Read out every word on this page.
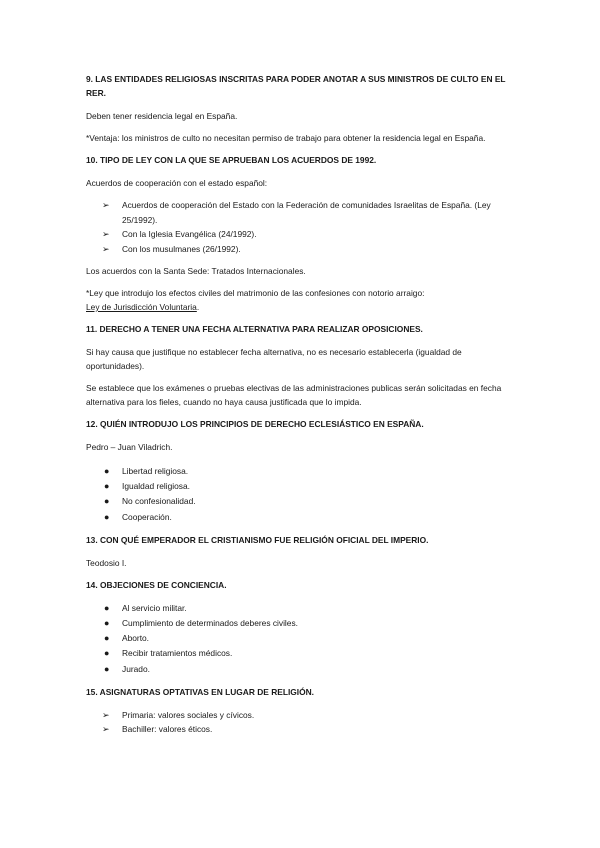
9. LAS ENTIDADES RELIGIOSAS INSCRITAS PARA PODER ANOTAR A SUS MINISTROS DE CULTO EN EL RER.
Deben tener residencia legal en España.
*Ventaja: los ministros de culto no necesitan permiso de trabajo para obtener la residencia legal en España.
10. TIPO DE LEY CON LA QUE SE APRUEBAN LOS ACUERDOS DE 1992.
Acuerdos de cooperación con el estado español:
➢ Acuerdos de cooperación del Estado con la Federación de comunidades Israelitas de España. (Ley 25/1992).
➢ Con la Iglesia Evangélica (24/1992).
➢ Con los musulmanes (26/1992).
Los acuerdos con la Santa Sede: Tratados Internacionales.
*Ley que introdujo los efectos civiles del matrimonio de las confesiones con notorio arraigo:
Ley de Jurisdicción Voluntaria.
11. DERECHO A TENER UNA FECHA ALTERNATIVA PARA REALIZAR OPOSICIONES.
Si hay causa que justifique no establecer fecha alternativa, no es necesario establecerla (igualdad de oportunidades).
Se establece que los exámenes o pruebas electivas de las administraciones publicas serán solicitadas en fecha alternativa para los fieles, cuando no haya causa justificada que lo impida.
12. QUIÉN INTRODUJO LOS PRINCIPIOS DE DERECHO ECLESIÁSTICO EN ESPAÑA.
Pedro – Juan Viladrich.
● Libertad religiosa.
● Igualdad religiosa.
● No confesionalidad.
● Cooperación.
13. CON QUÉ EMPERADOR EL CRISTIANISMO FUE RELIGIÓN OFICIAL DEL IMPERIO.
Teodosio I.
14. OBJECIONES DE CONCIENCIA.
● Al servicio militar.
● Cumplimiento de determinados deberes civiles.
● Aborto.
● Recibir tratamientos médicos.
● Jurado.
15. ASIGNATURAS OPTATIVAS EN LUGAR DE RELIGIÓN.
➢ Primaria: valores sociales y cívicos.
➢ Bachiller: valores éticos.
